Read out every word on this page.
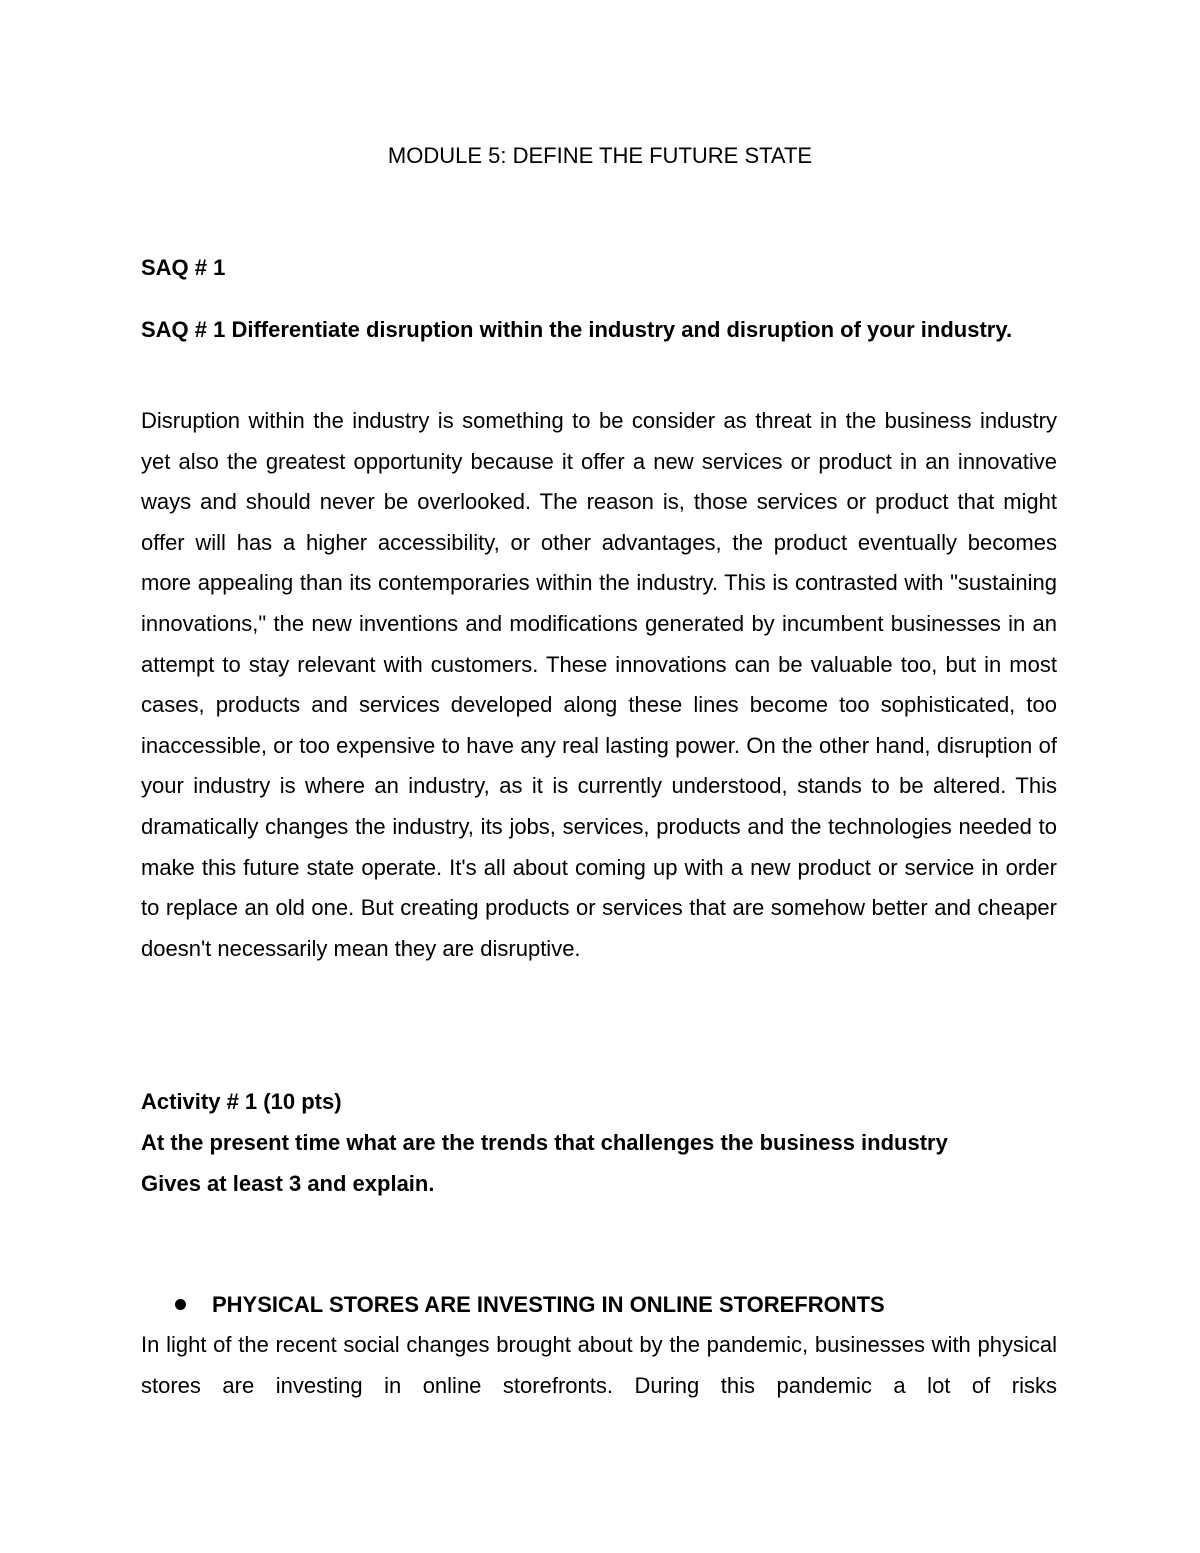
MODULE 5: DEFINE THE FUTURE STATE
SAQ # 1

SAQ # 1 Differentiate disruption within the industry and disruption of your industry.

Disruption within the industry is something to be consider as threat in the business industry yet also the greatest opportunity because it offer a new services or product in an innovative ways and should never be overlooked. The reason is, those services or product that might offer will has a higher accessibility, or other advantages, the product eventually becomes more appealing than its contemporaries within the industry. This is contrasted with "sustaining innovations," the new inventions and modifications generated by incumbent businesses in an attempt to stay relevant with customers. These innovations can be valuable too, but in most cases, products and services developed along these lines become too sophisticated, too inaccessible, or too expensive to have any real lasting power. On the other hand, disruption of your industry is where an industry, as it is currently understood, stands to be altered. This dramatically changes the industry, its jobs, services, products and the technologies needed to make this future state operate. It's all about coming up with a new product or service in order to replace an old one. But creating products or services that are somehow better and cheaper doesn't necessarily mean they are disruptive.

Activity # 1 (10 pts)
At the present time what are the trends that challenges the business industry
Gives at least 3 and explain.
PHYSICAL STORES ARE INVESTING IN ONLINE STOREFRONTS

In light of the recent social changes brought about by the pandemic, businesses with physical stores are investing in online storefronts. During this pandemic a lot of risks
